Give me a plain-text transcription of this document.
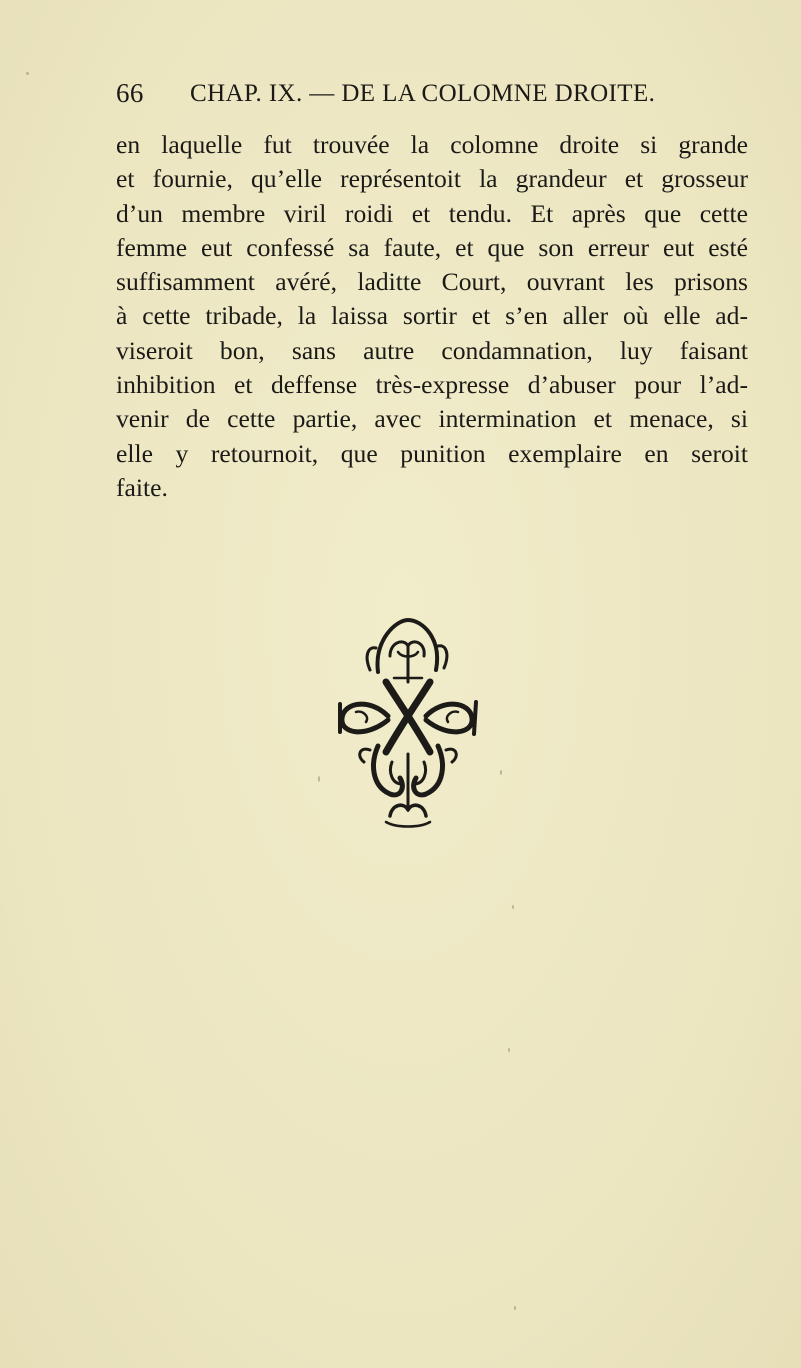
66 CHAP. IX. — DE LA COLOMNE DROITE.
en laquelle fut trouvée la colomne droite si grande
et fournie, qu’elle représentoit la grandeur et grosseur
d’un membre viril roidi et tendu. Et après que cette
femme eut confessé sa faute, et que son erreur eut esté
suffisamment avéré, laditte Court, ouvrant les prisons
à cette tribade, la laissa sortir et s’en aller où elle ad-
viseroit bon, sans autre condamnation, luy faisant
inhibition et deffense très-expresse d’abuser pour l’ad-
venir de cette partie, avec intermination et menace, si
elle y retournoit, que punition exemplaire en seroit
faite.
